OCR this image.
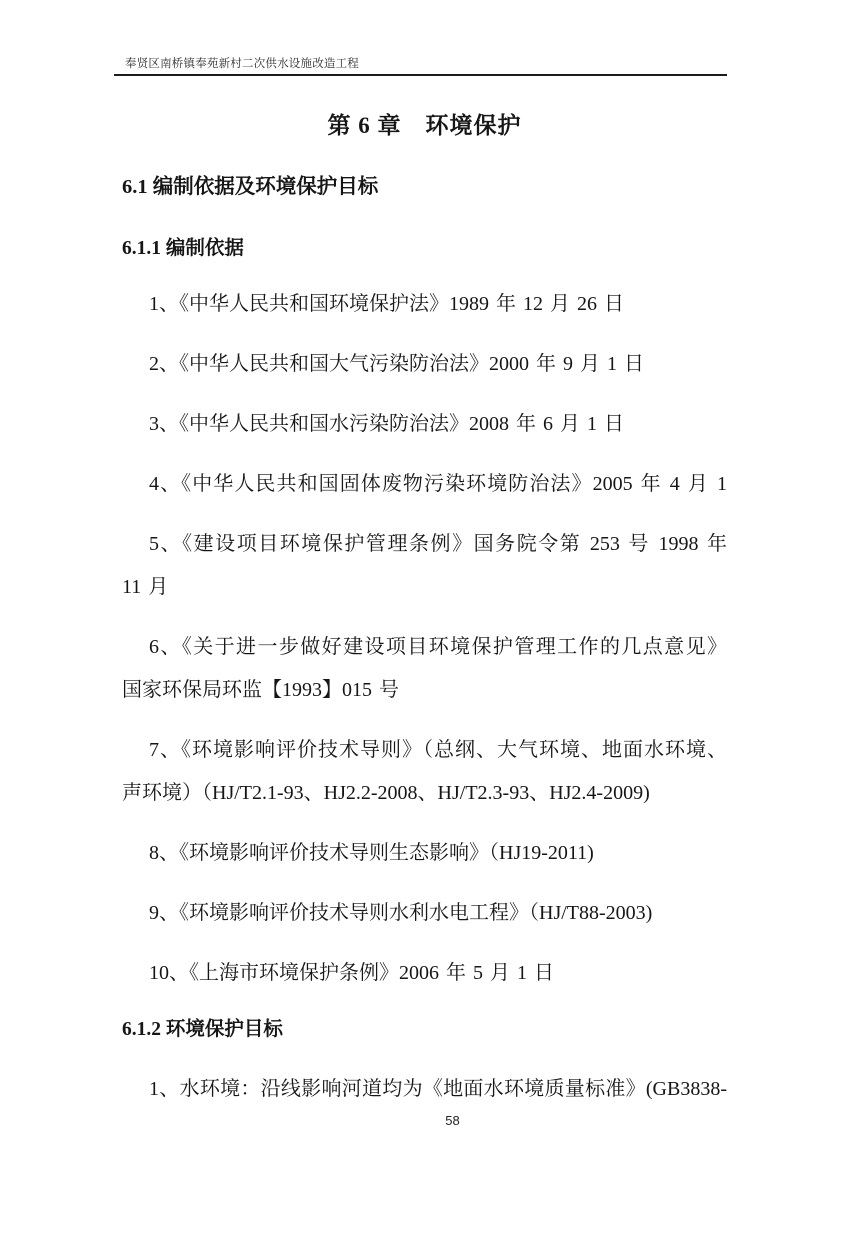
奉贤区南桥镇奉苑新村二次供水设施改造工程
第 6 章　环境保护
6.1 编制依据及环境保护目标
6.1.1 编制依据
1、《中华人民共和国环境保护法》1989 年 12 月 26 日
2、《中华人民共和国大气污染防治法》2000 年 9 月 1 日
3、《中华人民共和国水污染防治法》2008 年 6 月 1 日
4、《中华人民共和国固体废物污染环境防治法》2005 年 4 月 1
5、《建设项目环境保护管理条例》国务院令第 253 号 1998 年
11 月
6、《关于进一步做好建设项目环境保护管理工作的几点意见》
国家环保局环监【1993】015 号
7、《环境影响评价技术导则》（总纲、大气环境、地面水环境、
声环境）（HJ/T2.1-93、HJ2.2-2008、HJ/T2.3-93、HJ2.4-2009)
8、《环境影响评价技术导则生态影响》（HJ19-2011)
9、《环境影响评价技术导则水利水电工程》（HJ/T88-2003)
10、《上海市环境保护条例》2006 年 5 月 1 日
6.1.2 环境保护目标
1、水环境：沿线影响河道均为《地面水环境质量标准》(GB3838-
58
